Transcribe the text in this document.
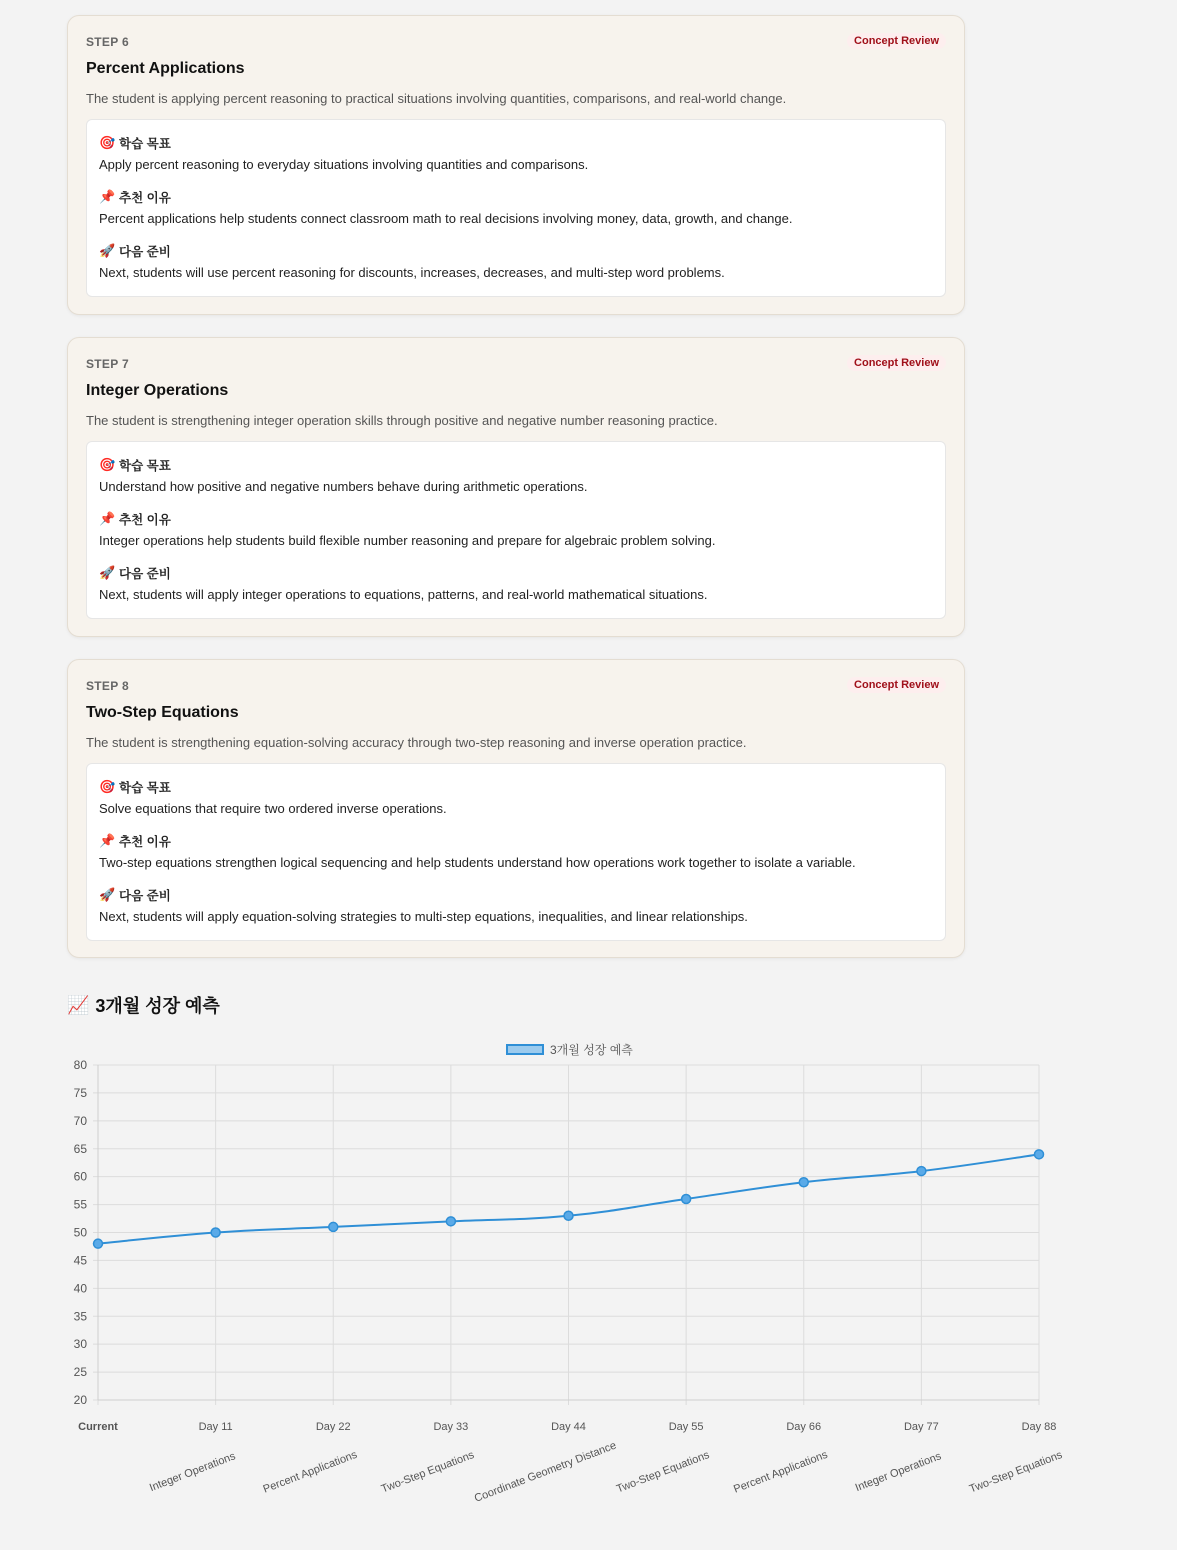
STEP 6	Concept Review
Percent Applications
The student is applying percent reasoning to practical situations involving quantities, comparisons, and real-world change.
🎯 학습 목표
Apply percent reasoning to everyday situations involving quantities and comparisons.
📌 추천 이유
Percent applications help students connect classroom math to real decisions involving money, data, growth, and change.
🚀 다음 준비
Next, students will use percent reasoning for discounts, increases, decreases, and multi-step word problems.
STEP 7	Concept Review
Integer Operations
The student is strengthening integer operation skills through positive and negative number reasoning practice.
🎯 학습 목표
Understand how positive and negative numbers behave during arithmetic operations.
📌 추천 이유
Integer operations help students build flexible number reasoning and prepare for algebraic problem solving.
🚀 다음 준비
Next, students will apply integer operations to equations, patterns, and real-world mathematical situations.
STEP 8	Concept Review
Two-Step Equations
The student is strengthening equation-solving accuracy through two-step reasoning and inverse operation practice.
🎯 학습 목표
Solve equations that require two ordered inverse operations.
📌 추천 이유
Two-step equations strengthen logical sequencing and help students understand how operations work together to isolate a variable.
🚀 다음 준비
Next, students will apply equation-solving strategies to multi-step equations, inequalities, and linear relationships.
📈 3개월 성장 예측
3개월 성장 예측
20
25
30
35
40
45
50
55
60
65
70
75
80
Current	Day 11
Integer Operations
Day 22
Percent Applications
Day 33
Two-Step Equations
Day 44
Coordinate Geometry Distance
Day 55
Two-Step Equations
Day 66
Percent Applications
Day 77
Integer Operations
Day 88
Two-Step Equations
